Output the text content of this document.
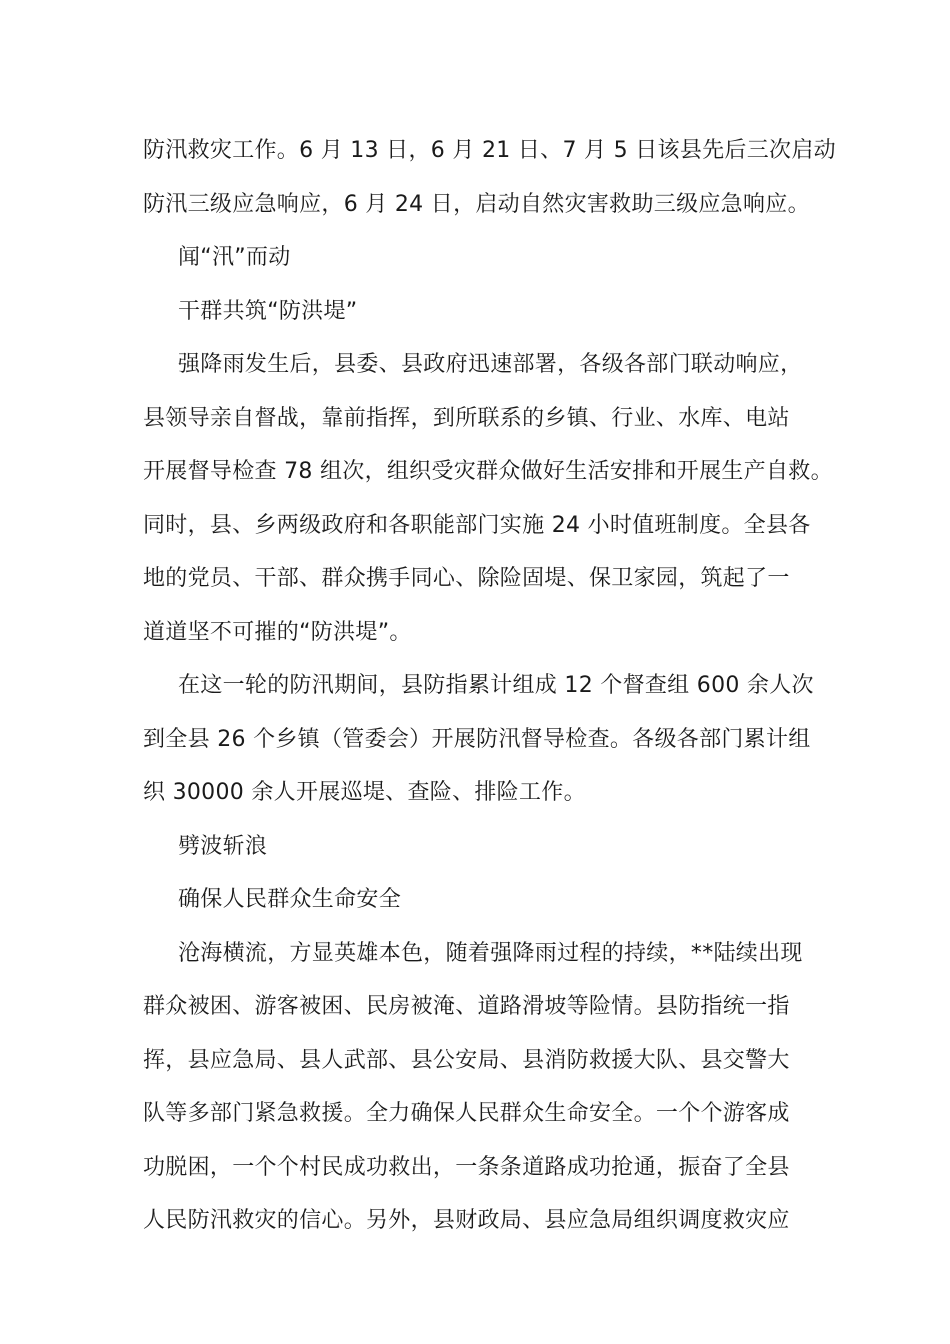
防汛救灾工作。6 月 13 日，6 月 21 日、7 月 5 日该县先后三次启动
防汛三级应急响应，6 月 24 日，启动自然灾害救助三级应急响应。
闻“汛”而动
干群共筑“防洪堤”
强降雨发生后，县委、县政府迅速部署，各级各部门联动响应，
县领导亲自督战，靠前指挥，到所联系的乡镇、行业、水库、电站
开展督导检查 78 组次，组织受灾群众做好生活安排和开展生产自救。
同时，县、乡两级政府和各职能部门实施 24 小时值班制度。全县各
地的党员、干部、群众携手同心、除险固堤、保卫家园，筑起了一
道道坚不可摧的“防洪堤”。
在这一轮的防汛期间，县防指累计组成 12 个督查组 600 余人次
到全县 26 个乡镇（管委会）开展防汛督导检查。各级各部门累计组
织 30000 余人开展巡堤、查险、排险工作。
劈波斩浪
确保人民群众生命安全
沧海横流，方显英雄本色，随着强降雨过程的持续，**陆续出现
群众被困、游客被困、民房被淹、道路滑坡等险情。县防指统一指
挥，县应急局、县人武部、县公安局、县消防救援大队、县交警大
队等多部门紧急救援。全力确保人民群众生命安全。一个个游客成
功脱困，一个个村民成功救出，一条条道路成功抢通，振奋了全县
人民防汛救灾的信心。另外，县财政局、县应急局组织调度救灾应
